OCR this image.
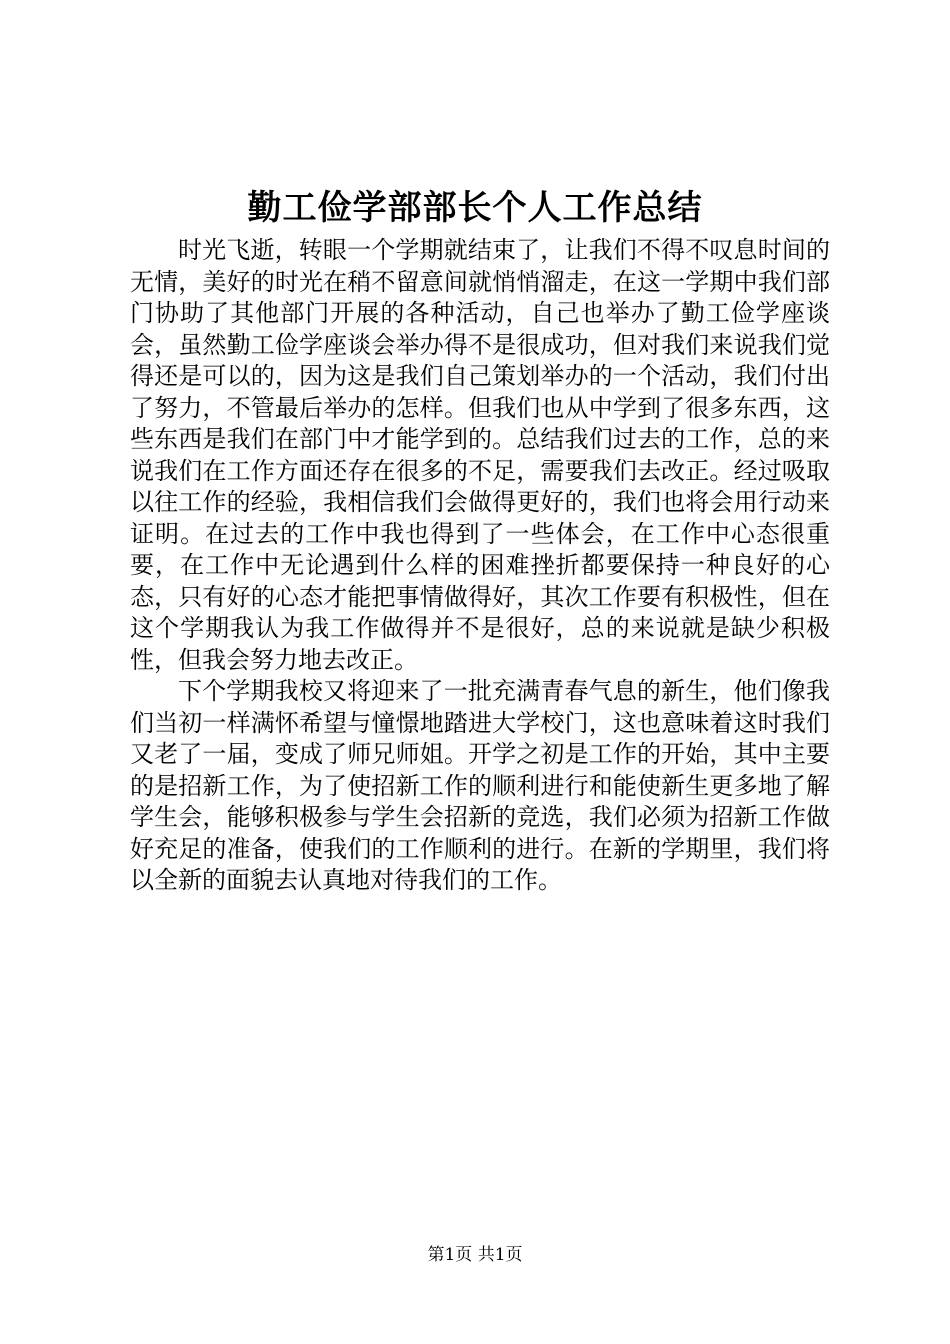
勤工俭学部部长个人工作总结

时光飞逝，转眼一个学期就结束了，让我们不得不叹息时间的无情，美好的时光在稍不留意间就悄悄溜走，在这一学期中我们部门协助了其他部门开展的各种活动，自己也举办了勤工俭学座谈会，虽然勤工俭学座谈会举办得不是很成功，但对我们来说我们觉得还是可以的，因为这是我们自己策划举办的一个活动，我们付出了努力，不管最后举办的怎样。但我们也从中学到了很多东西，这些东西是我们在部门中才能学到的。总结我们过去的工作，总的来说我们在工作方面还存在很多的不足，需要我们去改正。经过吸取以往工作的经验，我相信我们会做得更好的，我们也将会用行动来证明。在过去的工作中我也得到了一些体会，在工作中心态很重要，在工作中无论遇到什么样的困难挫折都要保持一种良好的心态，只有好的心态才能把事情做得好，其次工作要有积极性，但在这个学期我认为我工作做得并不是很好，总的来说就是缺少积极性，但我会努力地去改正。

下个学期我校又将迎来了一批充满青春气息的新生，他们像我们当初一样满怀希望与憧憬地踏进大学校门，这也意味着这时我们又老了一届，变成了师兄师姐。开学之初是工作的开始，其中主要的是招新工作，为了使招新工作的顺利进行和能使新生更多地了解学生会，能够积极参与学生会招新的竞选，我们必须为招新工作做好充足的准备，使我们的工作顺利的进行。在新的学期里，我们将以全新的面貌去认真地对待我们的工作。

第1页 共1页
